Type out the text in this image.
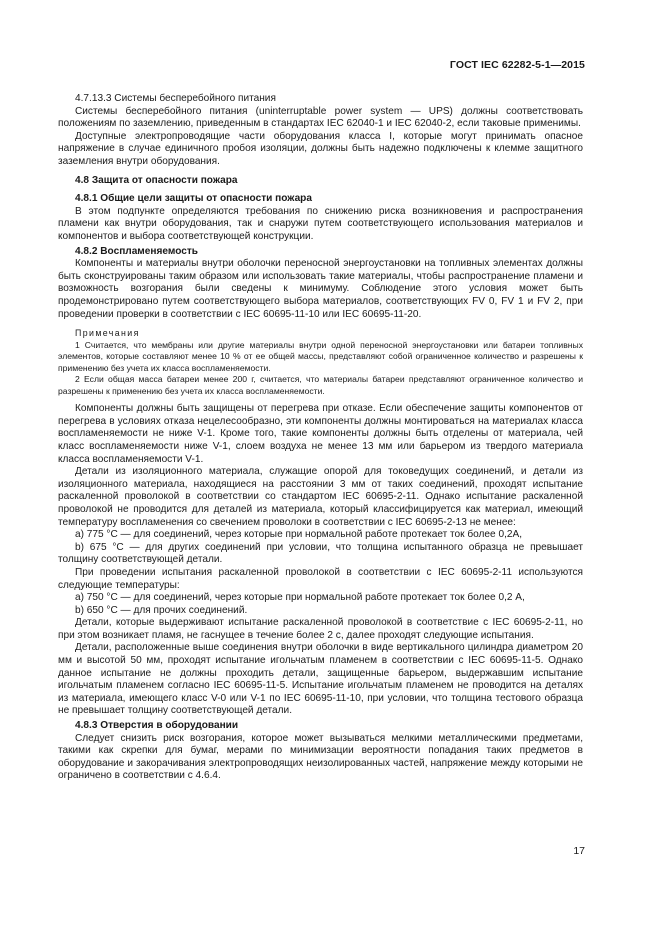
ГОСТ IEC 62282-5-1—2015

4.7.13.3 Системы бесперебойного питания

Системы бесперебойного питания (uninterruptable power system — UPS) должны соответствовать положениям по заземлению, приведенным в стандартах IEC 62040-1 и IEC 62040-2, если таковые применимы.

Доступные электропроводящие части оборудования класса I, которые могут принимать опасное напряжение в случае единичного пробоя изоляции, должны быть надежно подключены к клемме защитного заземления внутри оборудования.

4.8 Защита от опасности пожара

4.8.1 Общие цели защиты от опасности пожара

В этом подпункте определяются требования по снижению риска возникновения и распространения пламени как внутри оборудования, так и снаружи путем соответствующего использования материалов и компонентов и выбора соответствующей конструкции.

4.8.2 Воспламеняемость

Компоненты и материалы внутри оболочки переносной энергоустановки на топливных элементах должны быть сконструированы таким образом или использовать такие материалы, чтобы распространение пламени и возможность возгорания были сведены к минимуму. Соблюдение этого условия может быть продемонстрировано путем соответствующего выбора материалов, соответствующих FV 0, FV 1 и FV 2, при проведении проверки в соответствии с IEC 60695-11-10 или IEC 60695-11-20.

Примечания

1 Считается, что мембраны или другие материалы внутри одной переносной энергоустановки или батареи топливных элементов, которые составляют менее 10 % от ее общей массы, представляют собой ограниченное количество и разрешены к применению без учета их класса воспламеняемости.

2 Если общая масса батареи менее 200 г, считается, что материалы батареи представляют ограниченное количество и разрешены к применению без учета их класса воспламеняемости.

Компоненты должны быть защищены от перегрева при отказе. Если обеспечение защиты компонентов от перегрева в условиях отказа нецелесообразно, эти компоненты должны монтироваться на материалах класса воспламеняемости не ниже V-1. Кроме того, такие компоненты должны быть отделены от материала, чей класс воспламеняемости ниже V-1, слоем воздуха не менее 13 мм или барьером из твердого материала класса воспламеняемости V-1.

Детали из изоляционного материала, служащие опорой для токоведущих соединений, и детали из изоляционного материала, находящиеся на расстоянии 3 мм от таких соединений, проходят испытание раскаленной проволокой в соответствии со стандартом IEC 60695-2-11. Однако испытание раскаленной проволокой не проводится для деталей из материала, который классифицируется как материал, имеющий температуру воспламенения со свечением проволоки в соответствии с IEC 60695-2-13 не менее:

а) 775 °С — для соединений, через которые при нормальной работе протекает ток более 0,2А,

b) 675 °С — для других соединений при условии, что толщина испытанного образца не превышает толщину соответствующей детали.

При проведении испытания раскаленной проволокой в соответствии с IEC 60695-2-11 используются следующие температуры:

а) 750 °С — для соединений, через которые при нормальной работе протекает ток более 0,2 А,

b) 650 °С — для прочих соединений.

Детали, которые выдерживают испытание раскаленной проволокой в соответствие с IEC 60695-2-11, но при этом возникает пламя, не гаснущее в течение более 2 с, далее проходят следующие испытания.

Детали, расположенные выше соединения внутри оболочки в виде вертикального цилиндра диаметром 20 мм и высотой 50 мм, проходят испытание игольчатым пламенем в соответствии с IEC 60695-11-5. Однако данное испытание не должны проходить детали, защищенные барьером, выдержавшим испытание игольчатым пламенем согласно IEC 60695-11-5. Испытание игольчатым пламенем не проводится на деталях из материала, имеющего класс V-0 или V-1 по IEC 60695-11-10, при условии, что толщина тестового образца не превышает толщину соответствующей детали.

4.8.3 Отверстия в оборудовании

Следует снизить риск возгорания, которое может вызываться мелкими металлическими предметами, такими как скрепки для бумаг, мерами по минимизации вероятности попадания таких предметов в оборудование и закорачивания электропроводящих неизолированных частей, напряжение между которыми не ограничено в соответствии с 4.6.4.

17
